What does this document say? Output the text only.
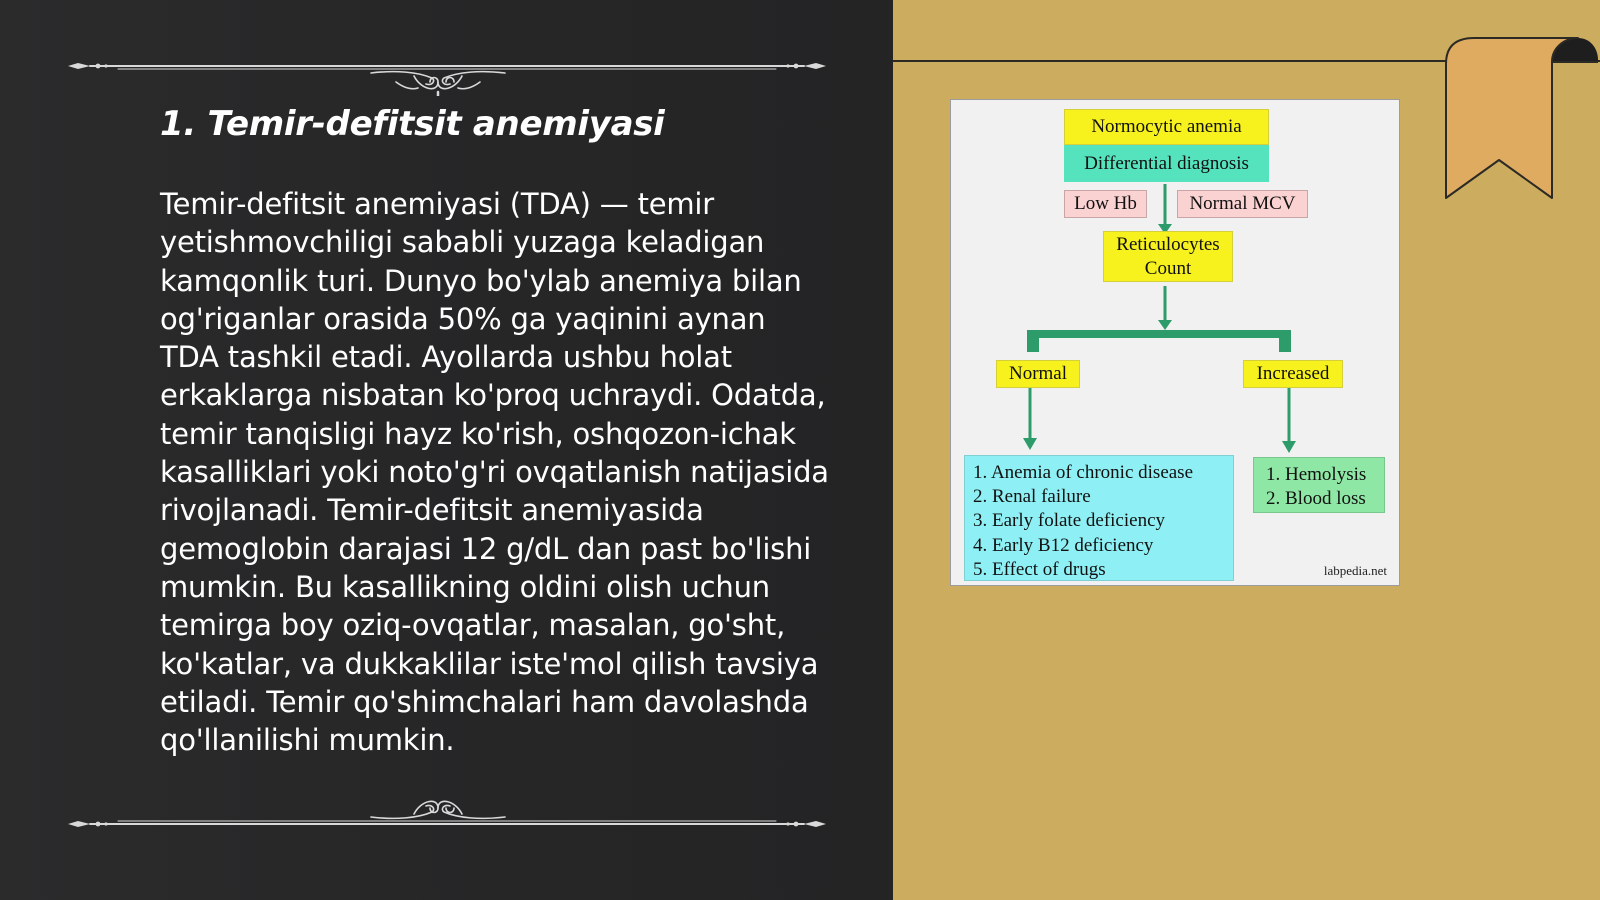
1. Temir-defitsit anemiyasi

Temir-defitsit anemiyasi (TDA) — temir yetishmovchiligi sababli yuzaga keladigan kamqonlik turi. Dunyo bo'ylab anemiya bilan og'riganlar orasida 50% ga yaqinini aynan TDA tashkil etadi. Ayollarda ushbu holat erkaklarga nisbatan ko'proq uchraydi. Odatda, temir tanqisligi hayz ko'rish, oshqozon-ichak kasalliklari yoki noto'g'ri ovqatlanish natijasida rivojlanadi. Temir-defitsit anemiyasida gemoglobin darajasi 12 g/dL dan past bo'lishi mumkin. Bu kasallikning oldini olish uchun temirga boy oziq-ovqatlar, masalan, go'sht, ko'katlar, va dukkaklilar iste'mol qilish tavsiya etiladi. Temir qo'shimchalari ham davolashda qo'llanilishi mumkin.

Normocytic anemia
Differential diagnosis
Low Hb	Normal MCV
Reticulocytes
Count
Normal	Increased
1. Anemia of chronic disease
2. Renal failure
3. Early folate deficiency
4. Early B12 deficiency
5. Effect of drugs
1. Hemolysis
2. Blood loss
labpedia.net
